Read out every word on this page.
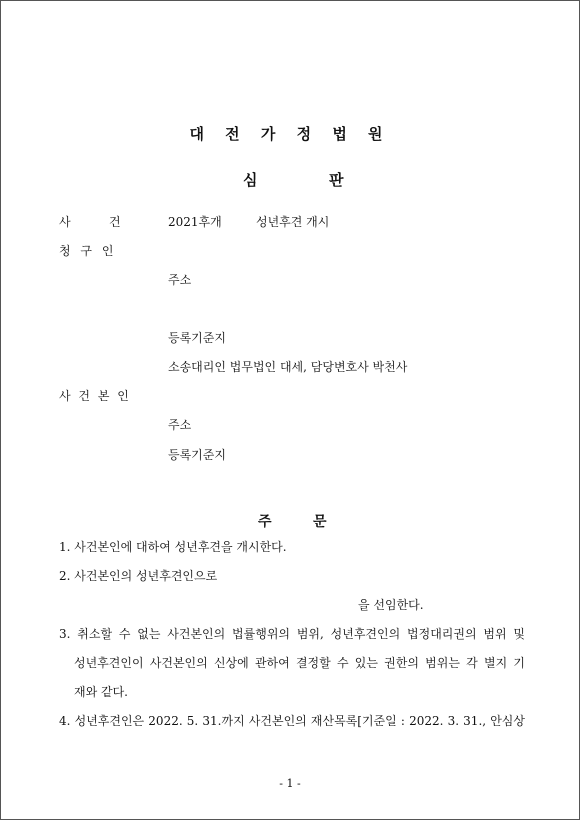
대 전 가 정 법 원
심	판
사	건	2021후개	성년후견 개시
청 구 인
주소
등록기준지
소송대리인 법무법인 대세, 담당변호사 박천사
사 건 본 인
주소
등록기준지
주	문
1. 사건본인에 대하여 성년후견을 개시한다.
2. 사건본인의 성년후견인으로
을 선임한다.
3. 취소할 수 없는 사건본인의 법률행위의 범위, 성년후견인의 법정대리권의 범위 및
성년후견인이 사건본인의 신상에 관하여 결정할 수 있는 권한의 범위는 각 별지 기
재와 같다.
4. 성년후견인은 2022. 5. 31.까지 사건본인의 재산목록[기준일 : 2022. 3. 31., 안심상
- 1 -
